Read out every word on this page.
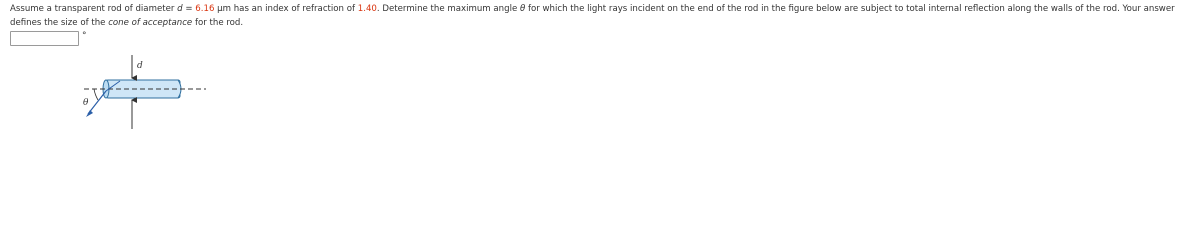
Assume a transparent rod of diameter d = 6.16 μm has an index of refraction of 1.40. Determine the maximum angle θ for which the light rays incident on the end of the rod in the figure below are subject to total internal reflection along the walls of the rod. Your answer defines the size of the cone of acceptance for the rod.
°
d
θ
